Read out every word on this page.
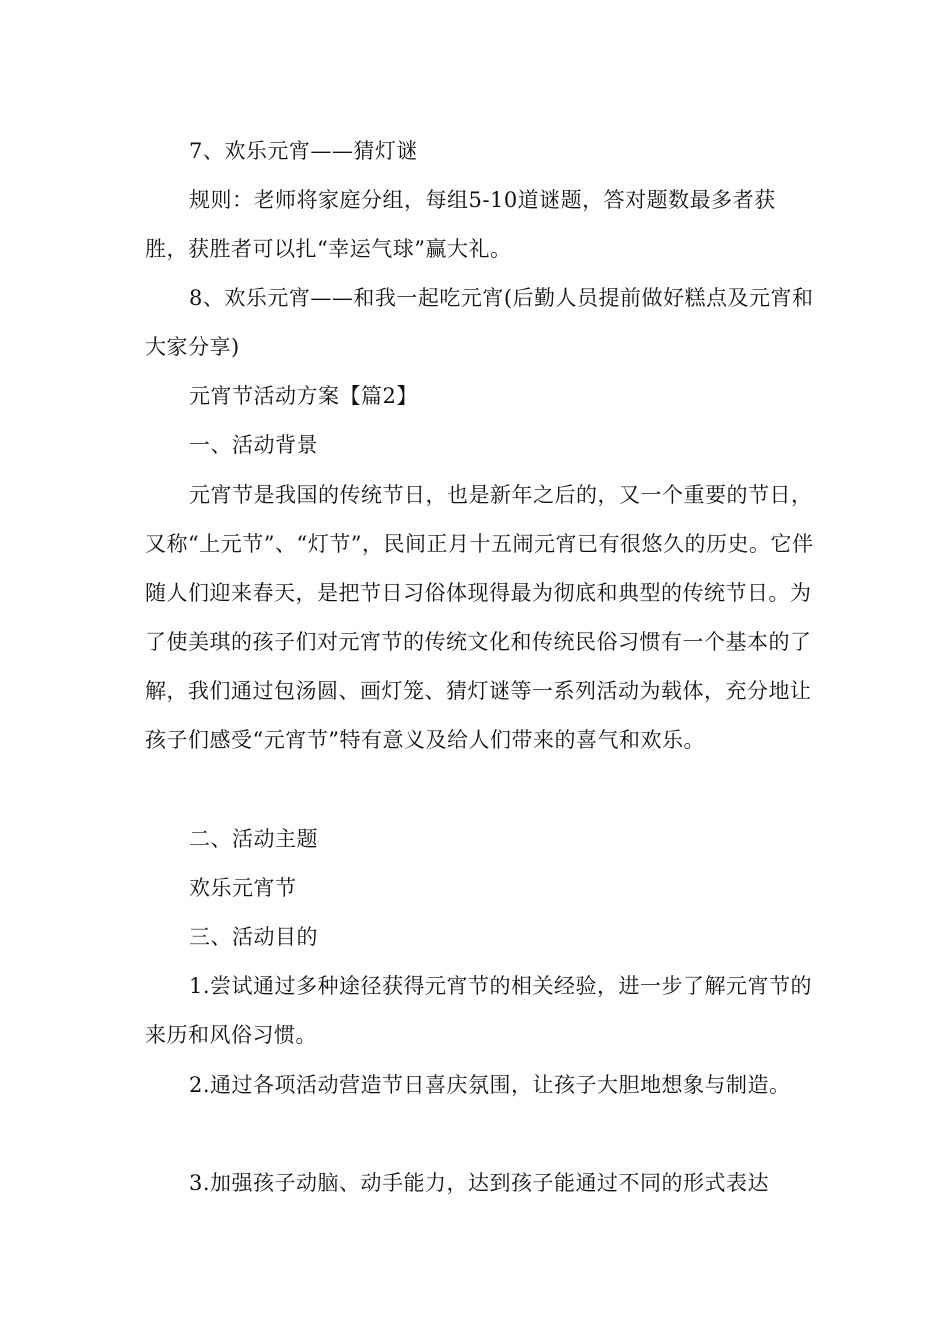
7、欢乐元宵——猜灯谜

规则：老师将家庭分组，每组5-10道谜题，答对题数最多者获胜，获胜者可以扎“幸运气球”赢大礼。

8、欢乐元宵——和我一起吃元宵(后勤人员提前做好糕点及元宵和大家分享)

元宵节活动方案【篇2】

一、活动背景

元宵节是我国的传统节日，也是新年之后的，又一个重要的节日，又称“上元节”、“灯节”，民间正月十五闹元宵已有很悠久的历史。它伴随人们迎来春天，是把节日习俗体现得最为彻底和典型的传统节日。为了使美琪的孩子们对元宵节的传统文化和传统民俗习惯有一个基本的了解，我们通过包汤圆、画灯笼、猜灯谜等一系列活动为载体，充分地让孩子们感受“元宵节”特有意义及给人们带来的喜气和欢乐。

二、活动主题

欢乐元宵节

三、活动目的

1.尝试通过多种途径获得元宵节的相关经验，进一步了解元宵节的来历和风俗习惯。

2.通过各项活动营造节日喜庆氛围，让孩子大胆地想象与制造。

3.加强孩子动脑、动手能力，达到孩子能通过不同的形式表达
